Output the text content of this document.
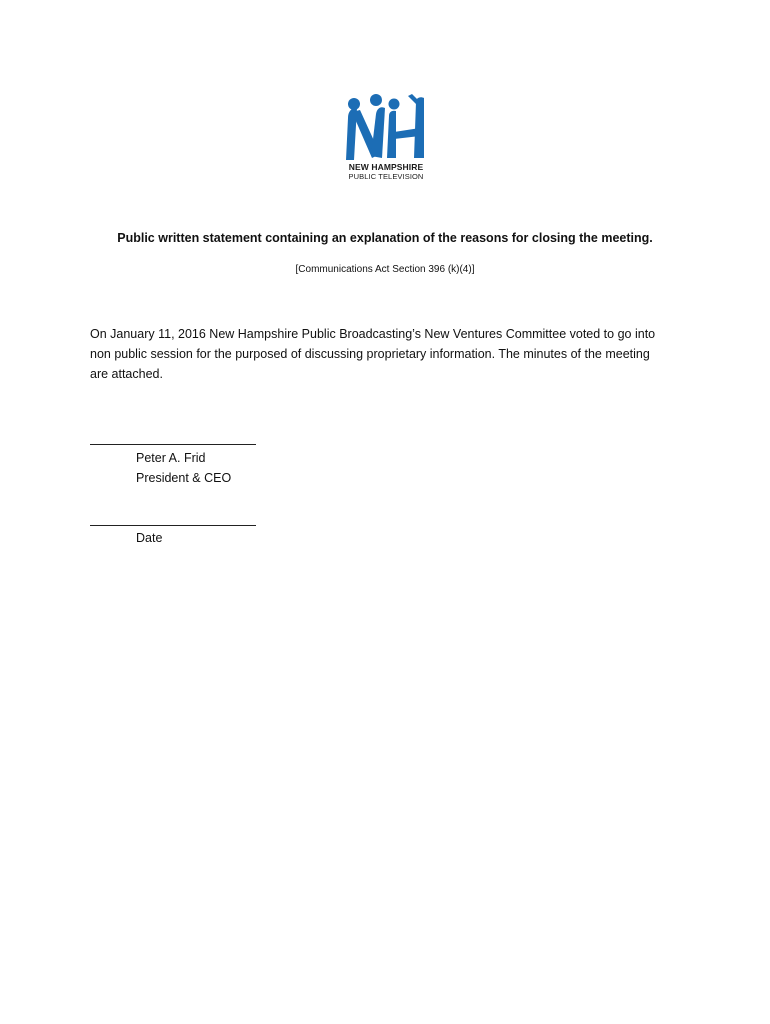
NEW HAMPSHIRE
PUBLIC TELEVISION
Public written statement containing an explanation of the reasons for closing the meeting.
[Communications Act Section 396 (k)(4)]
On January 11, 2016 New Hampshire Public Broadcasting’s New Ventures Committee voted to go into
non public session for the purposed of discussing proprietary information. The minutes of the meeting
are attached.
Peter A. Frid
President & CEO
Date
